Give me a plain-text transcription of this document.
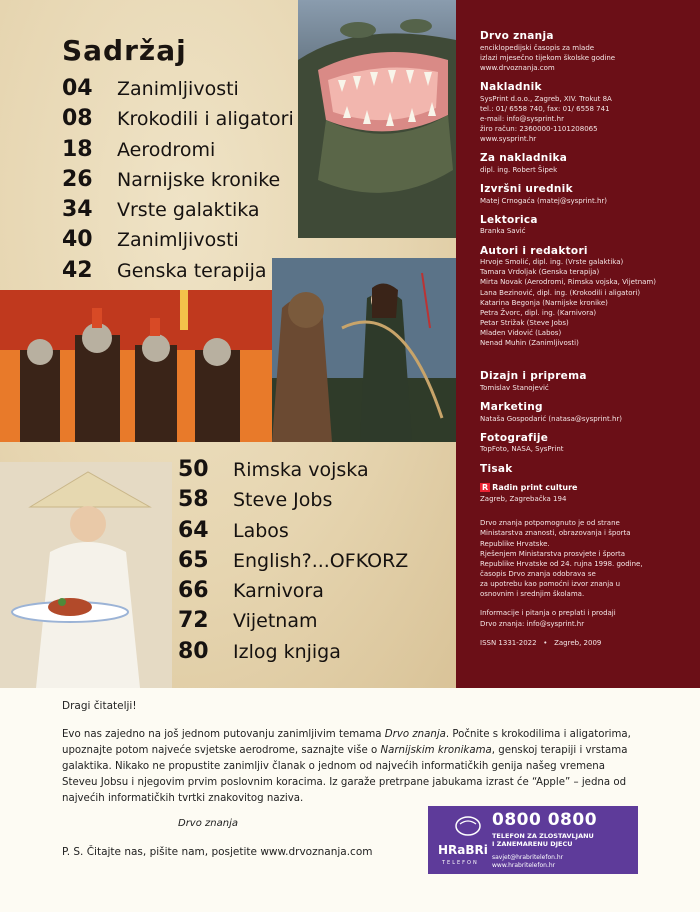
Sadržaj
04	Zanimljivosti
08	Krokodili i aligatori
18	Aerodromi
26	Narnijske kronike
34	Vrste galaktika
40	Zanimljivosti
42	Genska terapija
50	Rimska vojska
58	Steve Jobs
64	Labos
65	English?...OFKORZ
66	Karnivora
72	Vijetnam
80	Izlog knjiga
Drvo znanja
enciklopedijski časopis za mlade
izlazi mjesečno tijekom školske godine
www.drvoznanja.com
Nakladnik
SysPrint d.o.o., Zagreb, XIV. Trokut 8A
tel.: 01/ 6558 740, fax: 01/ 6558 741
e-mail: info@sysprint.hr
žiro račun: 2360000-1101208065
www.sysprint.hr
Za nakladnika
dipl. ing. Robert Šipek
Izvršni urednik
Matej Crnogaća (matej@sysprint.hr)
Lektorica
Branka Savić
Autori i redaktori
Hrvoje Smolić, dipl. ing. (Vrste galaktika)
Tamara Vrdoljak (Genska terapija)
Mirta Novak (Aerodromi, Rimska vojska, Vijetnam)
Lana Bezinović, dipl. ing. (Krokodili i aligatori)
Katarina Begonja (Narnijske kronike)
Petra Žvorc, dipl. ing. (Karnivora)
Petar Strižak (Steve Jobs)
Mladen Vidović (Labos)
Nenad Muhin (Zanimljivosti)
Dizajn i priprema
Tomislav Stanojević
Marketing
Nataša Gospodarić (natasa@sysprint.hr)
Fotografije
TopFoto, NASA, SysPrint
Tisak
R Radin print culture
Zagreb, Zagrebačka 194
Drvo znanja potpomognuto je od strane
Ministarstva znanosti, obrazovanja i športa
Republike Hrvatske.
Rješenjem Ministarstva prosvjete i športa
Republike Hrvatske od 24. rujna 1998. godine,
časopis Drvo znanja odobrava se
za upotrebu kao pomoćni izvor znanja u
osnovnim i srednjim školama.
Informacije i pitanja o preplati i prodaji
Drvo znanja: info@sysprint.hr
ISSN 1331-2022 • Zagreb, 2009
Dragi čitatelji!
Evo nas zajedno na još jednom putovanju zanimljivim temama Drvo znanja. Počnite s krokodilima i aligatorima, upoznajte potom najveće svjetske aerodrome, saznajte više o Narnijskim kronikama, genskoj terapiji i vrstama galaktika. Nikako ne propustite zanimljiv članak o jednom od najvećih informatičkih genija našeg vremena Steveu Jobsu i njegovim prvim poslovnim koracima. Iz garaže pretrpane jabukama izrast će “Apple” – jedna od najvećih informatičkih tvrtki znakovitog naziva.
Drvo znanja
P. S. Čitajte nas, pišite nam, posjetite www.drvoznanja.com	HRaBRi
TELEFON
0800 0800
TELEFON ZA ZLOSTAVLJANU
I ZANEMARENU DJECU
savjet@hrabritelefon.hr
www.hrabritelefon.hr
